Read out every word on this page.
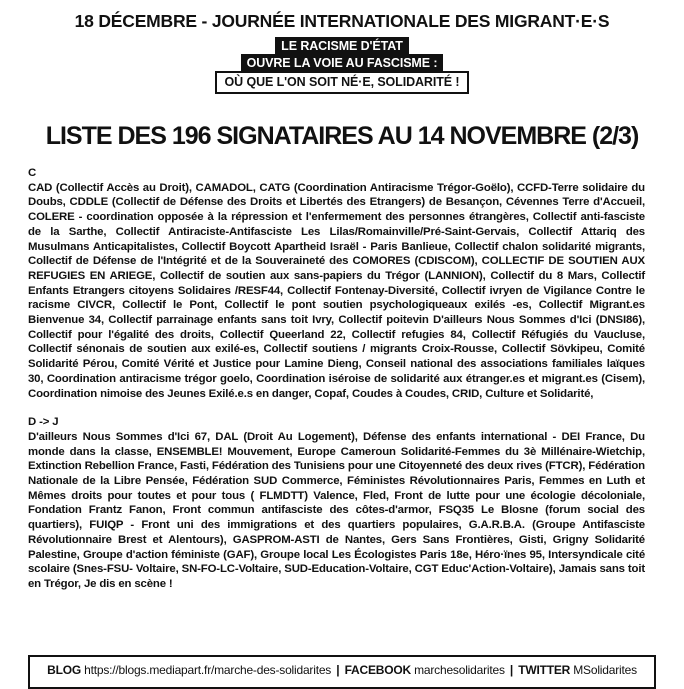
18 DÉCEMBRE - JOURNÉE INTERNATIONALE DES MIGRANT·E·S
LE RACISME D'ÉTAT
OUVRE LA VOIE AU FASCISME :
OÙ QUE L'ON SOIT NÉ·E, SOLIDARITÉ !
LISTE DES 196 SIGNATAIRES AU 14 NOVEMBRE (2/3)

C

CAD (Collectif Accès au Droit), CAMADOL, CATG (Coordination Antiracisme Trégor-Goëlo), CCFD-Terre solidaire du Doubs, CDDLE (Collectif de Défense des Droits et Libertés des Etrangers) de Besançon, Cévennes Terre d'Accueil, COLERE - coordination opposée à la répression et l'enfermement des personnes étrangères, Collectif anti-fasciste de la Sarthe, Collectif Antiraciste-Antifasciste Les Lilas/Romainville/Pré-Saint-Gervais, Collectif Attariq des Musulmans Anticapitalistes, Collectif Boycott Apartheid Israël - Paris Banlieue, Collectif chalon solidarité migrants, Collectif de Défense de l'Intégrité et de la Souveraineté des COMORES (CDISCOM), COLLECTIF DE SOUTIEN AUX REFUGIES EN ARIEGE, Collectif de soutien aux sans-papiers du Trégor (LANNION), Collectif du 8 Mars, Collectif Enfants Etrangers citoyens Solidaires /RESF44, Collectif Fontenay-Diversité, Collectif ivryen de Vigilance Contre le racisme CIVCR, Collectif le Pont, Collectif le pont soutien psychologiqueaux exilés -es, Collectif Migrant.es Bienvenue 34, Collectif parrainage enfants sans toit Ivry, Collectif poitevin D'ailleurs Nous Sommes d'Ici (DNSI86), Collectif pour l'égalité des droits, Collectif Queerland 22, Collectif refugies 84, Collectif Réfugiés du Vaucluse, Collectif sénonais de soutien aux exilé-es, Collectif soutiens / migrants Croix-Rousse, Collectif Sövkipeu, Comité Solidarité Pérou, Comité Vérité et Justice pour Lamine Dieng, Conseil national des associations familiales laïques 30, Coordination antiracisme trégor goelo, Coordination iséroise de solidarité aux étranger.es et migrant.es (Cisem), Coordination nimoise des Jeunes Exilé.e.s en danger, Copaf, Coudes à Coudes, CRID, Culture et Solidarité,

D -> J

D'ailleurs Nous Sommes d'Ici 67, DAL (Droit Au Logement), Défense des enfants international - DEI France, Du monde dans la classe, ENSEMBLE! Mouvement, Europe Cameroun Solidarité-Femmes du 3è Millénaire-Wietchip, Extinction Rebellion France, Fasti, Fédération des Tunisiens pour une Citoyenneté des deux rives (FTCR), Fédération Nationale de la Libre Pensée, Fédération SUD Commerce, Féministes Révolutionnaires Paris, Femmes en Luth et Mêmes droits pour toutes et pour tous ( FLMDTT) Valence, Fled, Front de lutte pour une écologie décoloniale, Fondation Frantz Fanon, Front commun antifasciste des côtes-d'armor, FSQ35 Le Blosne (forum social des quartiers), FUIQP - Front uni des immigrations et des quartiers populaires, G.A.R.B.A. (Groupe Antifasciste Révolutionnaire Brest et Alentours), GASPROM-ASTI de Nantes, Gers Sans Frontières, Gisti, Grigny Solidarité Palestine, Groupe d'action féministe (GAF), Groupe local Les Écologistes Paris 18e, Héro·ïnes 95, Intersyndicale cité scolaire (Snes-FSU- Voltaire, SN-FO-LC-Voltaire, SUD-Education-Voltaire, CGT Educ'Action-Voltaire), Jamais sans toit en Trégor, Je dis en scène !

BLOG https://blogs.mediapart.fr/marche-des-solidarites | FACEBOOK marchesolidarites | TWITTER MSolidarites
